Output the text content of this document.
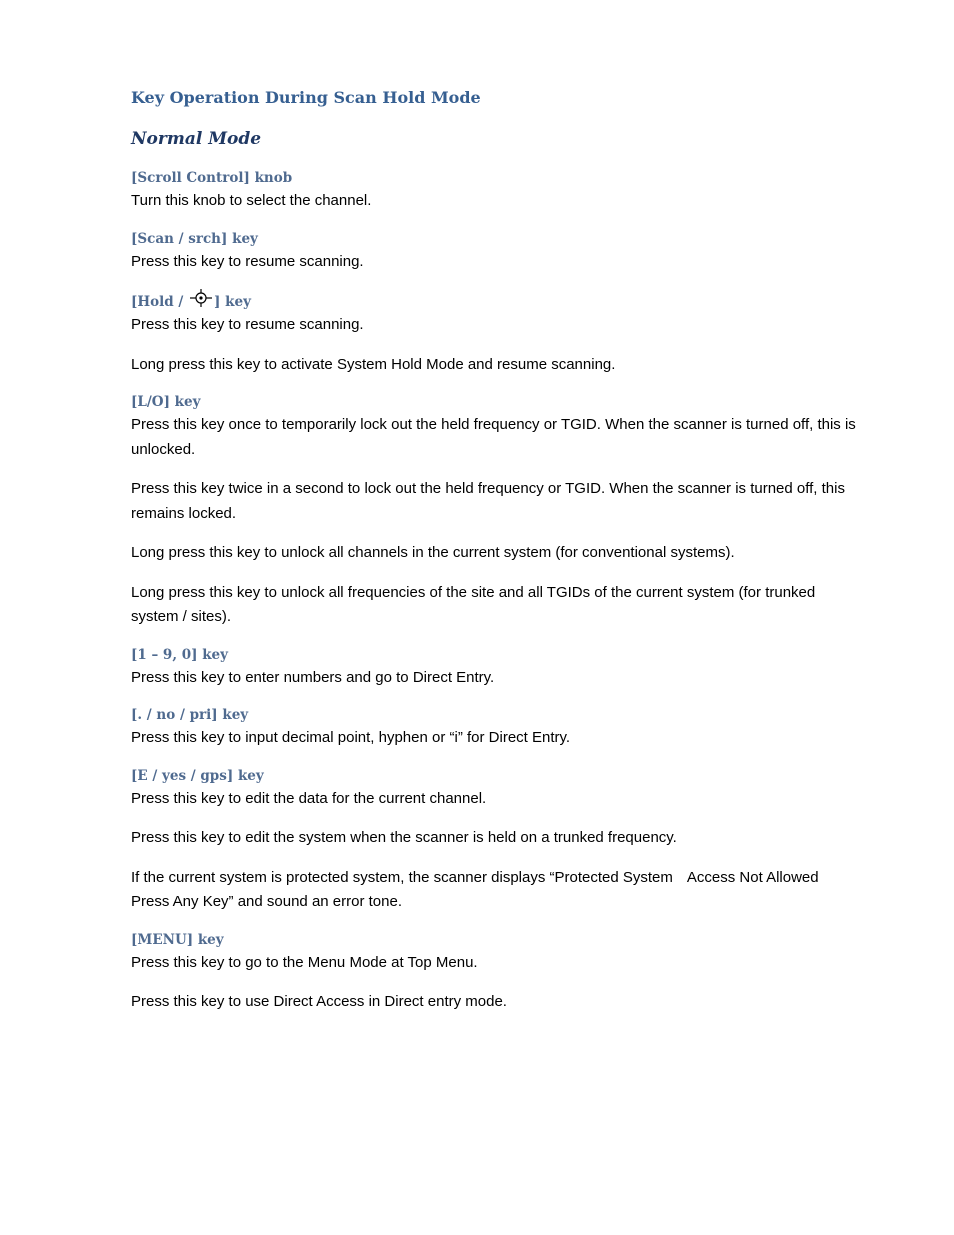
Key Operation During Scan Hold Mode
Normal Mode
[Scroll Control] knob

Turn this knob to select the channel.

[Scan / srch] key

Press this key to resume scanning.

[Hold / ] key

Press this key to resume scanning.

Long press this key to activate System Hold Mode and resume scanning.

[L/O] key

Press this key once to temporarily lock out the held frequency or TGID. When the scanner is turned off, this is unlocked.

Press this key twice in a second to lock out the held frequency or TGID. When the scanner is turned off, this remains locked.

Long press this key to unlock all channels in the current system (for conventional systems).

Long press this key to unlock all frequencies of the site and all TGIDs of the current system (for trunked system / sites).

[1 – 9, 0] key

Press this key to enter numbers and go to Direct Entry.

[. / no / pri] key

Press this key to input decimal point, hyphen or “i” for Direct Entry.

[E / yes / gps] key

Press this key to edit the data for the current channel.

Press this key to edit the system when the scanner is held on a trunked frequency.

If the current system is protected system, the scanner displays “Protected System Access Not Allowed Press Any Key” and sound an error tone.

[MENU] key

Press this key to go to the Menu Mode at Top Menu.

Press this key to use Direct Access in Direct entry mode.
